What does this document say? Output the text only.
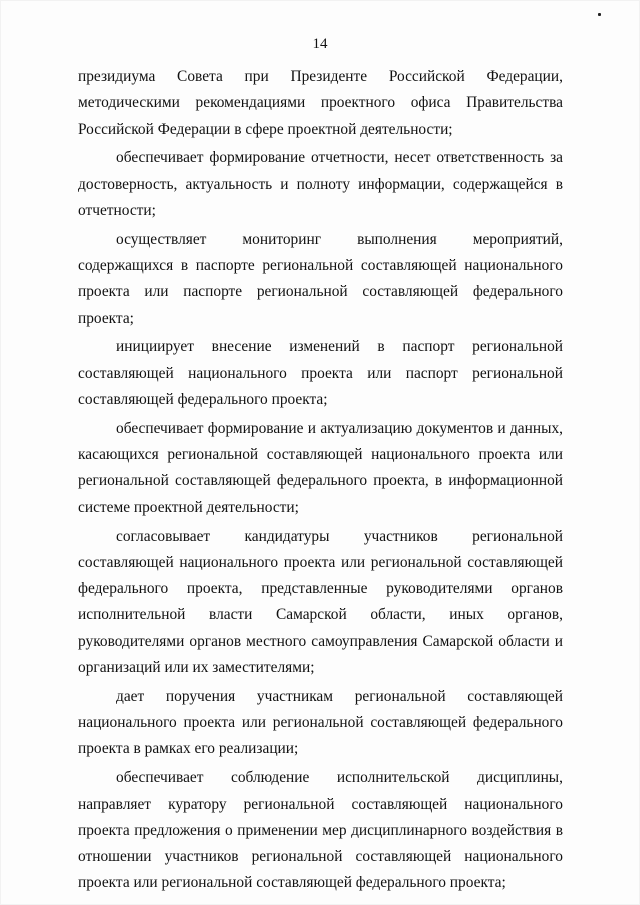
14

президиума Совета при Президенте Российской Федерации, методическими рекомендациями проектного офиса Правительства Российской Федерации в сфере проектной деятельности;

обеспечивает формирование отчетности, несет ответственность за достоверность, актуальность и полноту информации, содержащейся в отчетности;

осуществляет мониторинг выполнения мероприятий, содержащихся в паспорте региональной составляющей национального проекта или паспорте региональной составляющей федерального проекта;

инициирует внесение изменений в паспорт региональной составляющей национального проекта или паспорт региональной составляющей федерального проекта;

обеспечивает формирование и актуализацию документов и данных, касающихся региональной составляющей национального проекта или региональной составляющей федерального проекта, в информационной системе проектной деятельности;

согласовывает кандидатуры участников региональной составляющей национального проекта или региональной составляющей федерального проекта, представленные руководителями органов исполнительной власти Самарской области, иных органов, руководителями органов местного самоуправления Самарской области и организаций или их заместителями;

дает поручения участникам региональной составляющей национального проекта или региональной составляющей федерального проекта в рамках его реализации;

обеспечивает соблюдение исполнительской дисциплины, направляет куратору региональной составляющей национального проекта предложения о применении мер дисциплинарного воздействия в отношении участников региональной составляющей национального проекта или региональной составляющей федерального проекта;
